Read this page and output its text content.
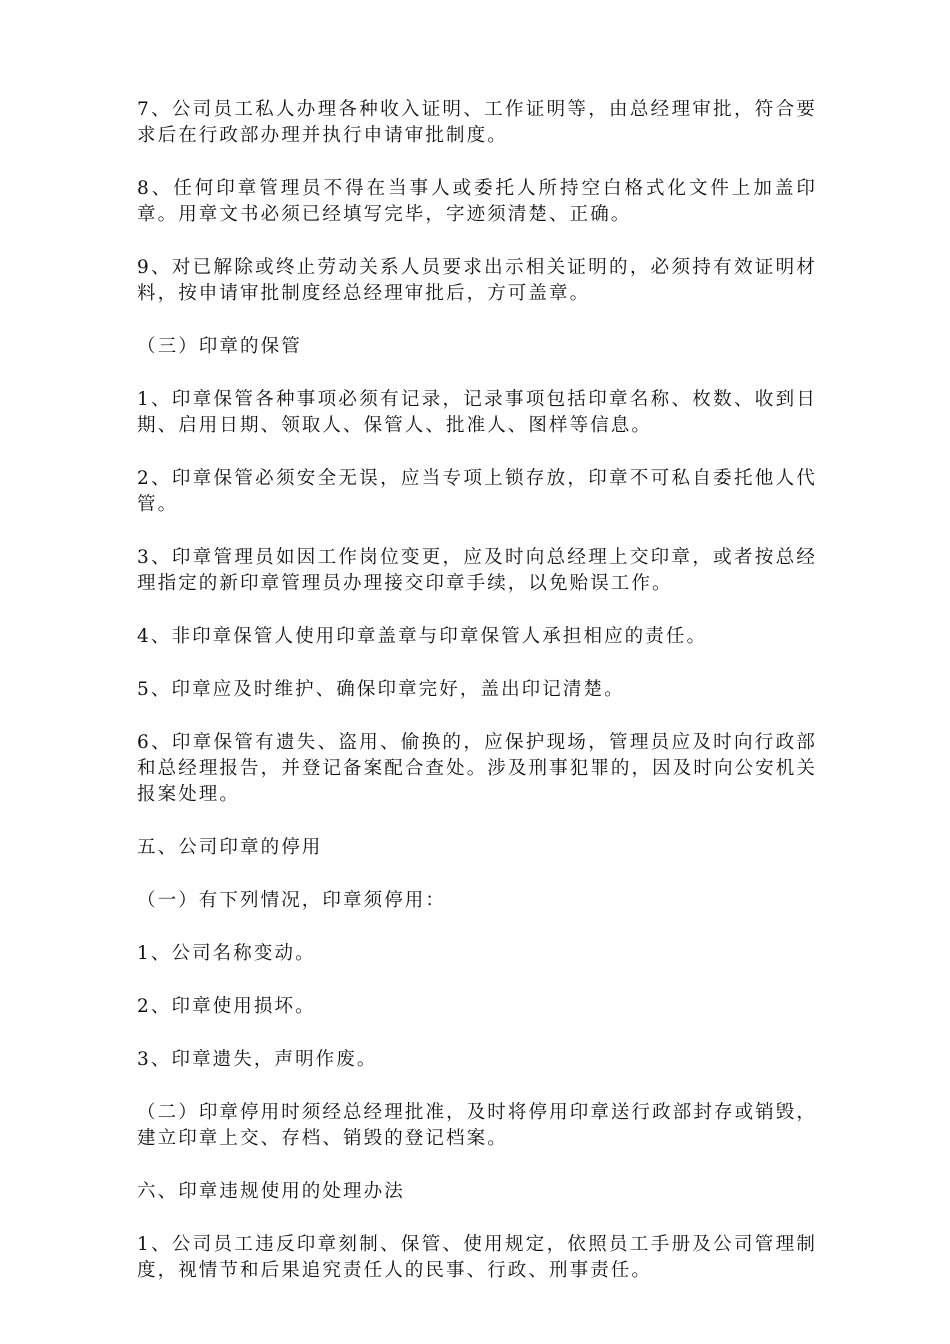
7、公司员工私人办理各种收入证明、工作证明等，由总经理审批，符合要求后在行政部办理并执行申请审批制度。

8、任何印章管理员不得在当事人或委托人所持空白格式化文件上加盖印章。用章文书必须已经填写完毕，字迹须清楚、正确。

9、对已解除或终止劳动关系人员要求出示相关证明的，必须持有效证明材料，按申请审批制度经总经理审批后，方可盖章。

（三）印章的保管

1、印章保管各种事项必须有记录，记录事项包括印章名称、枚数、收到日期、启用日期、领取人、保管人、批准人、图样等信息。

2、印章保管必须安全无误，应当专项上锁存放，印章不可私自委托他人代管。

3、印章管理员如因工作岗位变更，应及时向总经理上交印章，或者按总经理指定的新印章管理员办理接交印章手续，以免贻误工作。

4、非印章保管人使用印章盖章与印章保管人承担相应的责任。

5、印章应及时维护、确保印章完好，盖出印记清楚。

6、印章保管有遗失、盗用、偷换的，应保护现场，管理员应及时向行政部和总经理报告，并登记备案配合查处。涉及刑事犯罪的，因及时向公安机关报案处理。

五、公司印章的停用

（一）有下列情况，印章须停用：

1、公司名称变动。

2、印章使用损坏。

3、印章遗失，声明作废。

（二）印章停用时须经总经理批准，及时将停用印章送行政部封存或销毁，建立印章上交、存档、销毁的登记档案。

六、印章违规使用的处理办法

1、公司员工违反印章刻制、保管、使用规定，依照员工手册及公司管理制度，视情节和后果追究责任人的民事、行政、刑事责任。
